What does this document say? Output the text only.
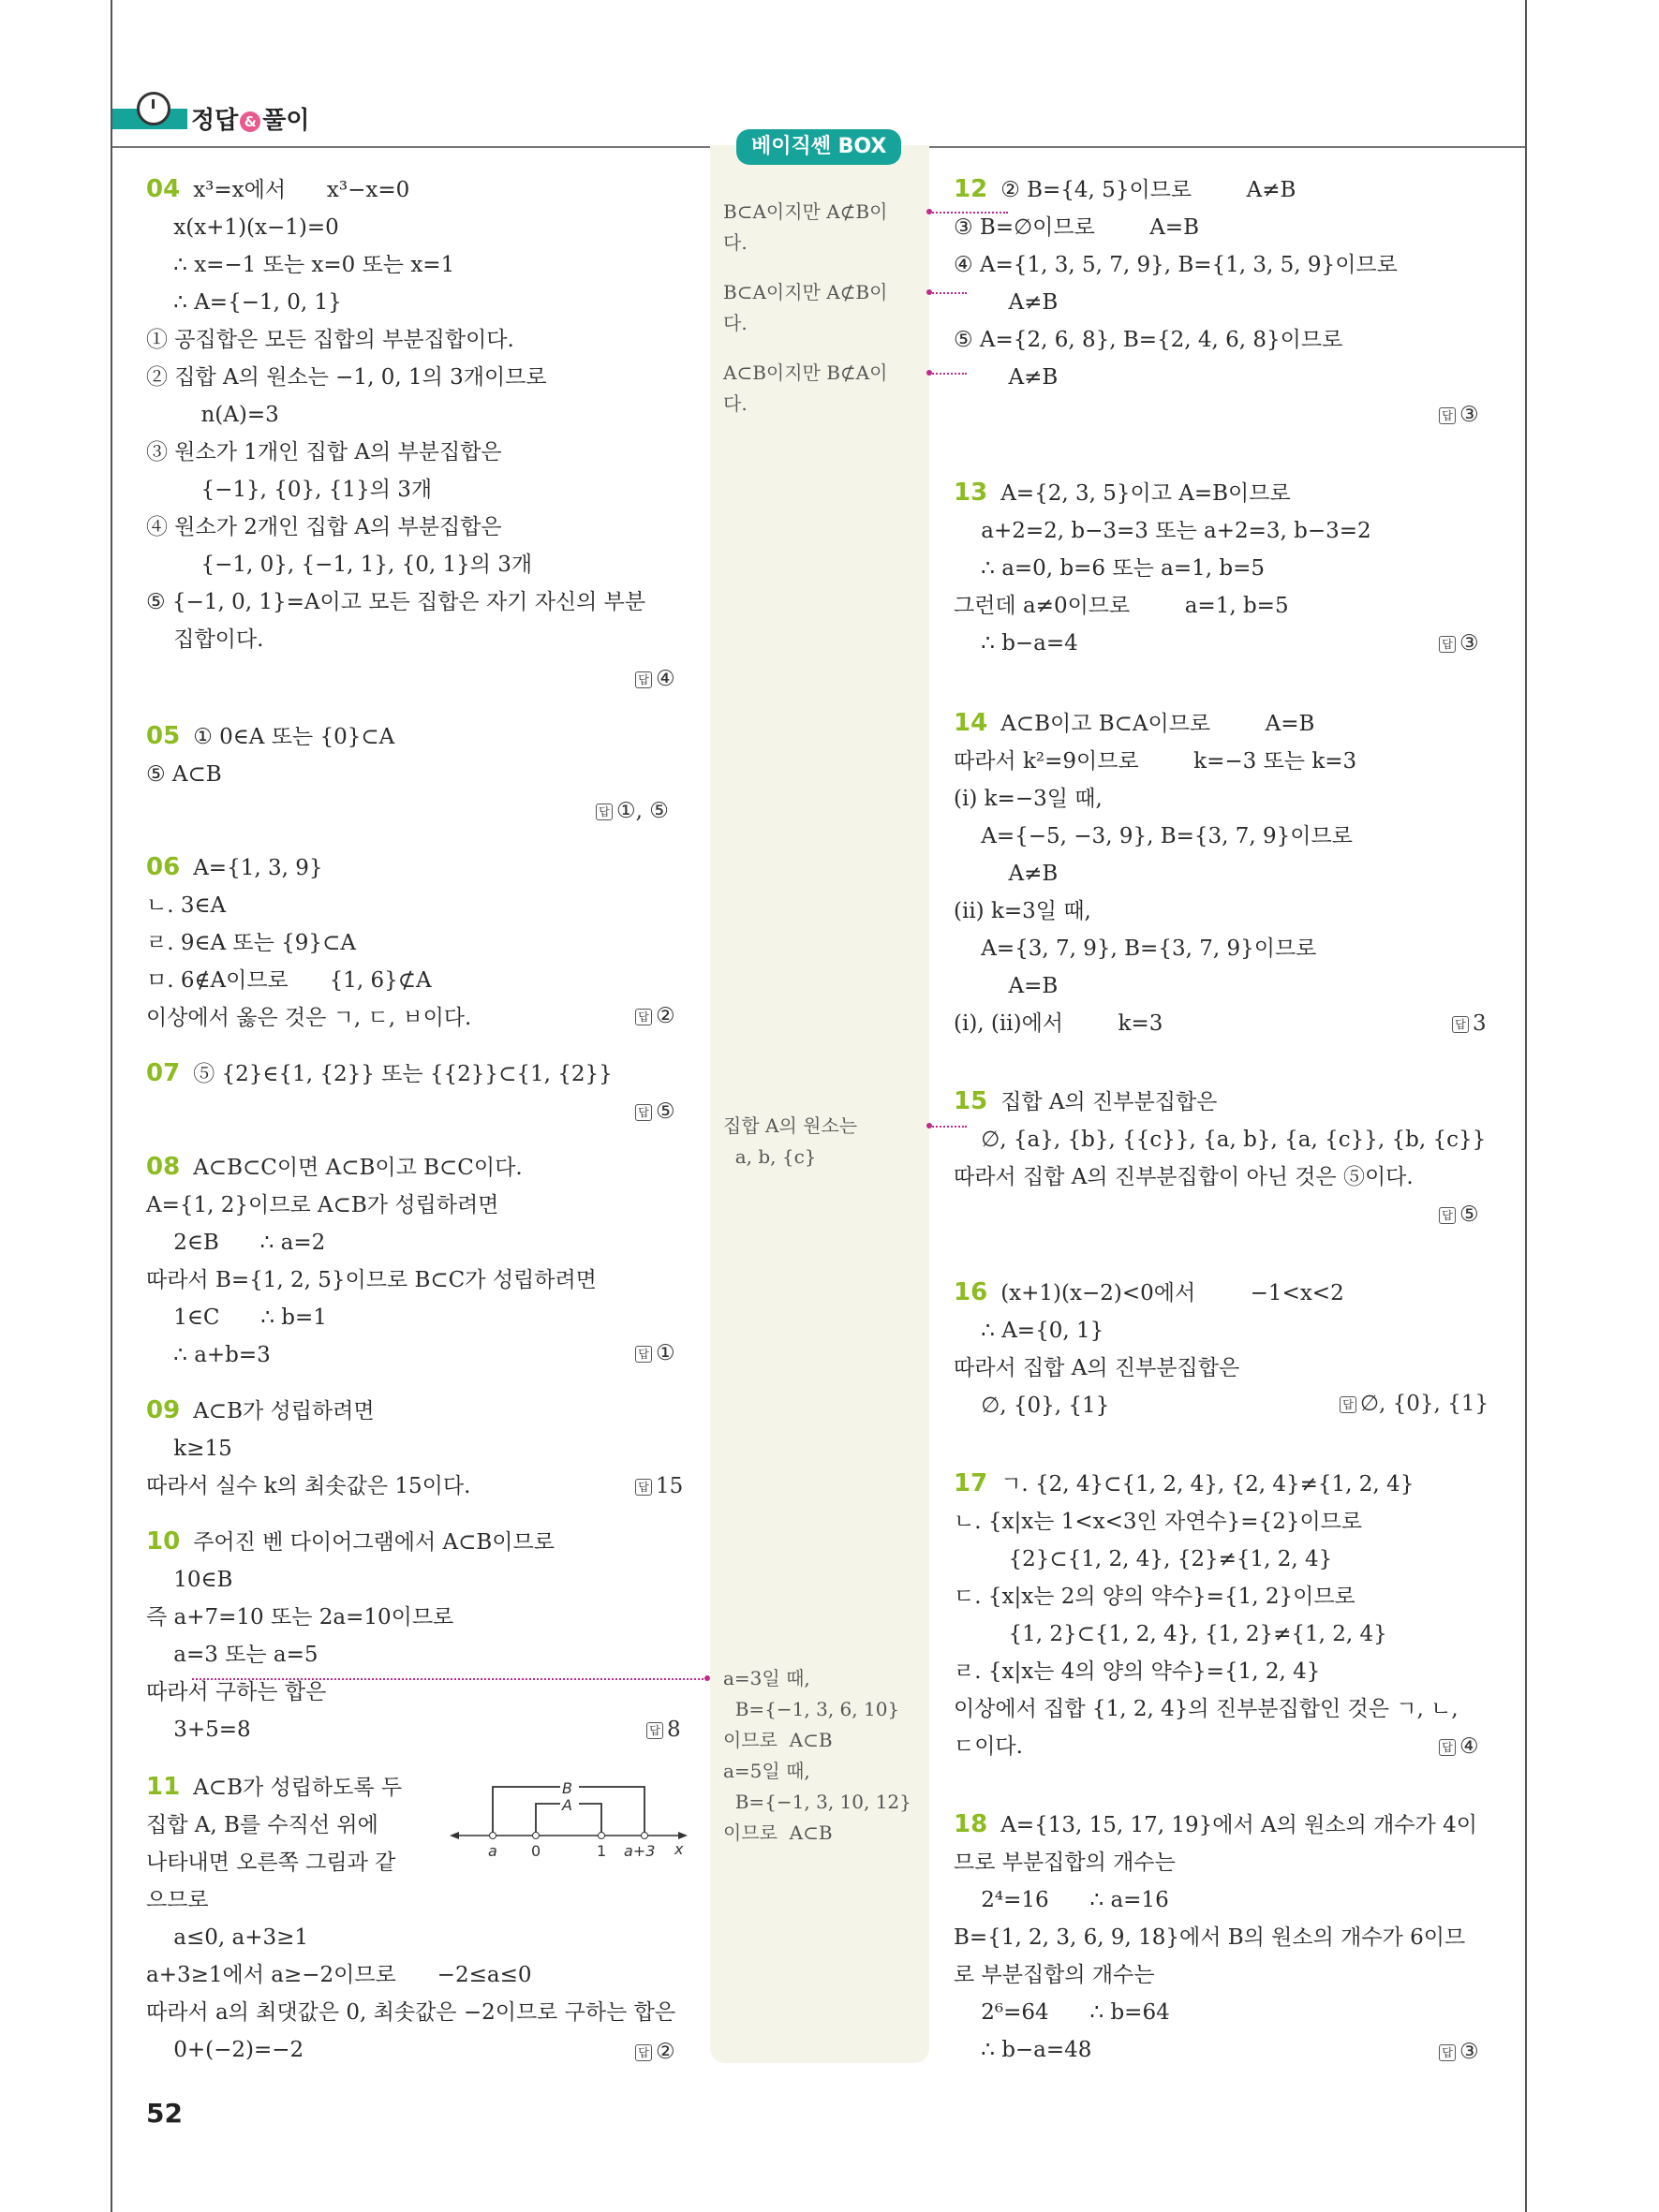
정답 & 풀이
베이직쎈 BOX
B⊂A이지만 A⊄B이
다.
B⊂A이지만 A⊄B이
다.
A⊂B이지만 B⊄A이
다.
집합 A의 원소는
a, b, {c}
a=3일 때,
B={−1, 3, 6, 10}
이므로  A⊂B
a=5일 때,
B={−1, 3, 10, 12}
이므로  A⊂B
04 x³=x에서      x³−x=0
x(x+1)(x−1)=0
∴ x=−1 또는 x=0 또는 x=1
∴ A={−1, 0, 1}
① 공집합은 모든 집합의 부분집합이다.
② 집합 A의 원소는 −1, 0, 1의 3개이므로
n(A)=3
③ 원소가 1개인 집합 A의 부분집합은
{−1}, {0}, {1}의 3개
④ 원소가 2개인 집합 A의 부분집합은
{−1, 0}, {−1, 1}, {0, 1}의 3개
⑤ {−1, 0, 1}=A이고 모든 집합은 자기 자신의 부분
집합이다.
답 ④
05 ① 0∈A 또는 {0}⊂A
⑤ A⊂B
답 ①, ⑤
06 A={1, 3, 9}
ㄴ. 3∈A
ㄹ. 9∈A 또는 {9}⊂A
ㅁ. 6∉A이므로      {1, 6}⊄A
이상에서 옳은 것은 ㄱ, ㄷ, ㅂ이다.	답 ②
07 ⑤ {2}∈{1, {2}} 또는 {{2}}⊂{1, {2}}
답 ⑤
08 A⊂B⊂C이면 A⊂B이고 B⊂C이다.
A={1, 2}이므로 A⊂B가 성립하려면
2∈B      ∴ a=2
따라서 B={1, 2, 5}이므로 B⊂C가 성립하려면
1∈C      ∴ b=1
∴ a+b=3	답 ①
09 A⊂B가 성립하려면
k≥15
따라서 실수 k의 최솟값은 15이다.	답 15
10 주어진 벤 다이어그램에서 A⊂B이므로
10∈B
즉 a+7=10 또는 2a=10이므로
a=3 또는 a=5
따라서 구하는 합은
3+5=8	답 8
11 A⊂B가 성립하도록 두
집합 A, B를 수직선 위에
나타내면 오른쪽 그림과 같
으므로
a≤0, a+3≥1
a+3≥1에서 a≥−2이므로      −2≤a≤0
따라서 a의 최댓값은 0, 최솟값은 −2이므로 구하는 합은
0+(−2)=−2	답 ②
B
A
a 0	1 a+3 x
12 ② B={4, 5}이므로        A≠B
③ B=∅이므로        A=B
④ A={1, 3, 5, 7, 9}, B={1, 3, 5, 9}이므로
A≠B
⑤ A={2, 6, 8}, B={2, 4, 6, 8}이므로
A≠B
답 ③
13 A={2, 3, 5}이고 A=B이므로
a+2=2, b−3=3 또는 a+2=3, b−3=2
∴ a=0, b=6 또는 a=1, b=5
그런데 a≠0이므로        a=1, b=5
∴ b−a=4	답 ③
14 A⊂B이고 B⊂A이므로        A=B
따라서 k²=9이므로        k=−3 또는 k=3
(ⅰ) k=−3일 때,
A={−5, −3, 9}, B={3, 7, 9}이므로
A≠B
(ⅱ) k=3일 때,
A={3, 7, 9}, B={3, 7, 9}이므로
A=B
(ⅰ), (ⅱ)에서        k=3	답 3
15 집합 A의 진부분집합은
∅, {a}, {b}, {{c}}, {a, b}, {a, {c}}, {b, {c}}
따라서 집합 A의 진부분집합이 아닌 것은 ⑤이다.
답 ⑤
16 (x+1)(x−2)<0에서        −1<x<2
∴ A={0, 1}
따라서 집합 A의 진부분집합은
∅, {0}, {1}	답 ∅, {0}, {1}
17 ㄱ. {2, 4}⊂{1, 2, 4}, {2, 4}≠{1, 2, 4}
ㄴ. {x|x는 1<x<3인 자연수}={2}이므로
{2}⊂{1, 2, 4}, {2}≠{1, 2, 4}
ㄷ. {x|x는 2의 양의 약수}={1, 2}이므로
{1, 2}⊂{1, 2, 4}, {1, 2}≠{1, 2, 4}
ㄹ. {x|x는 4의 양의 약수}={1, 2, 4}
이상에서 집합 {1, 2, 4}의 진부분집합인 것은 ㄱ, ㄴ,
ㄷ이다.	답 ④
18 A={13, 15, 17, 19}에서 A의 원소의 개수가 4이
므로 부분집합의 개수는
2⁴=16      ∴ a=16
B={1, 2, 3, 6, 9, 18}에서 B의 원소의 개수가 6이므
로 부분집합의 개수는
2⁶=64      ∴ b=64
∴ b−a=48	답 ③
52
